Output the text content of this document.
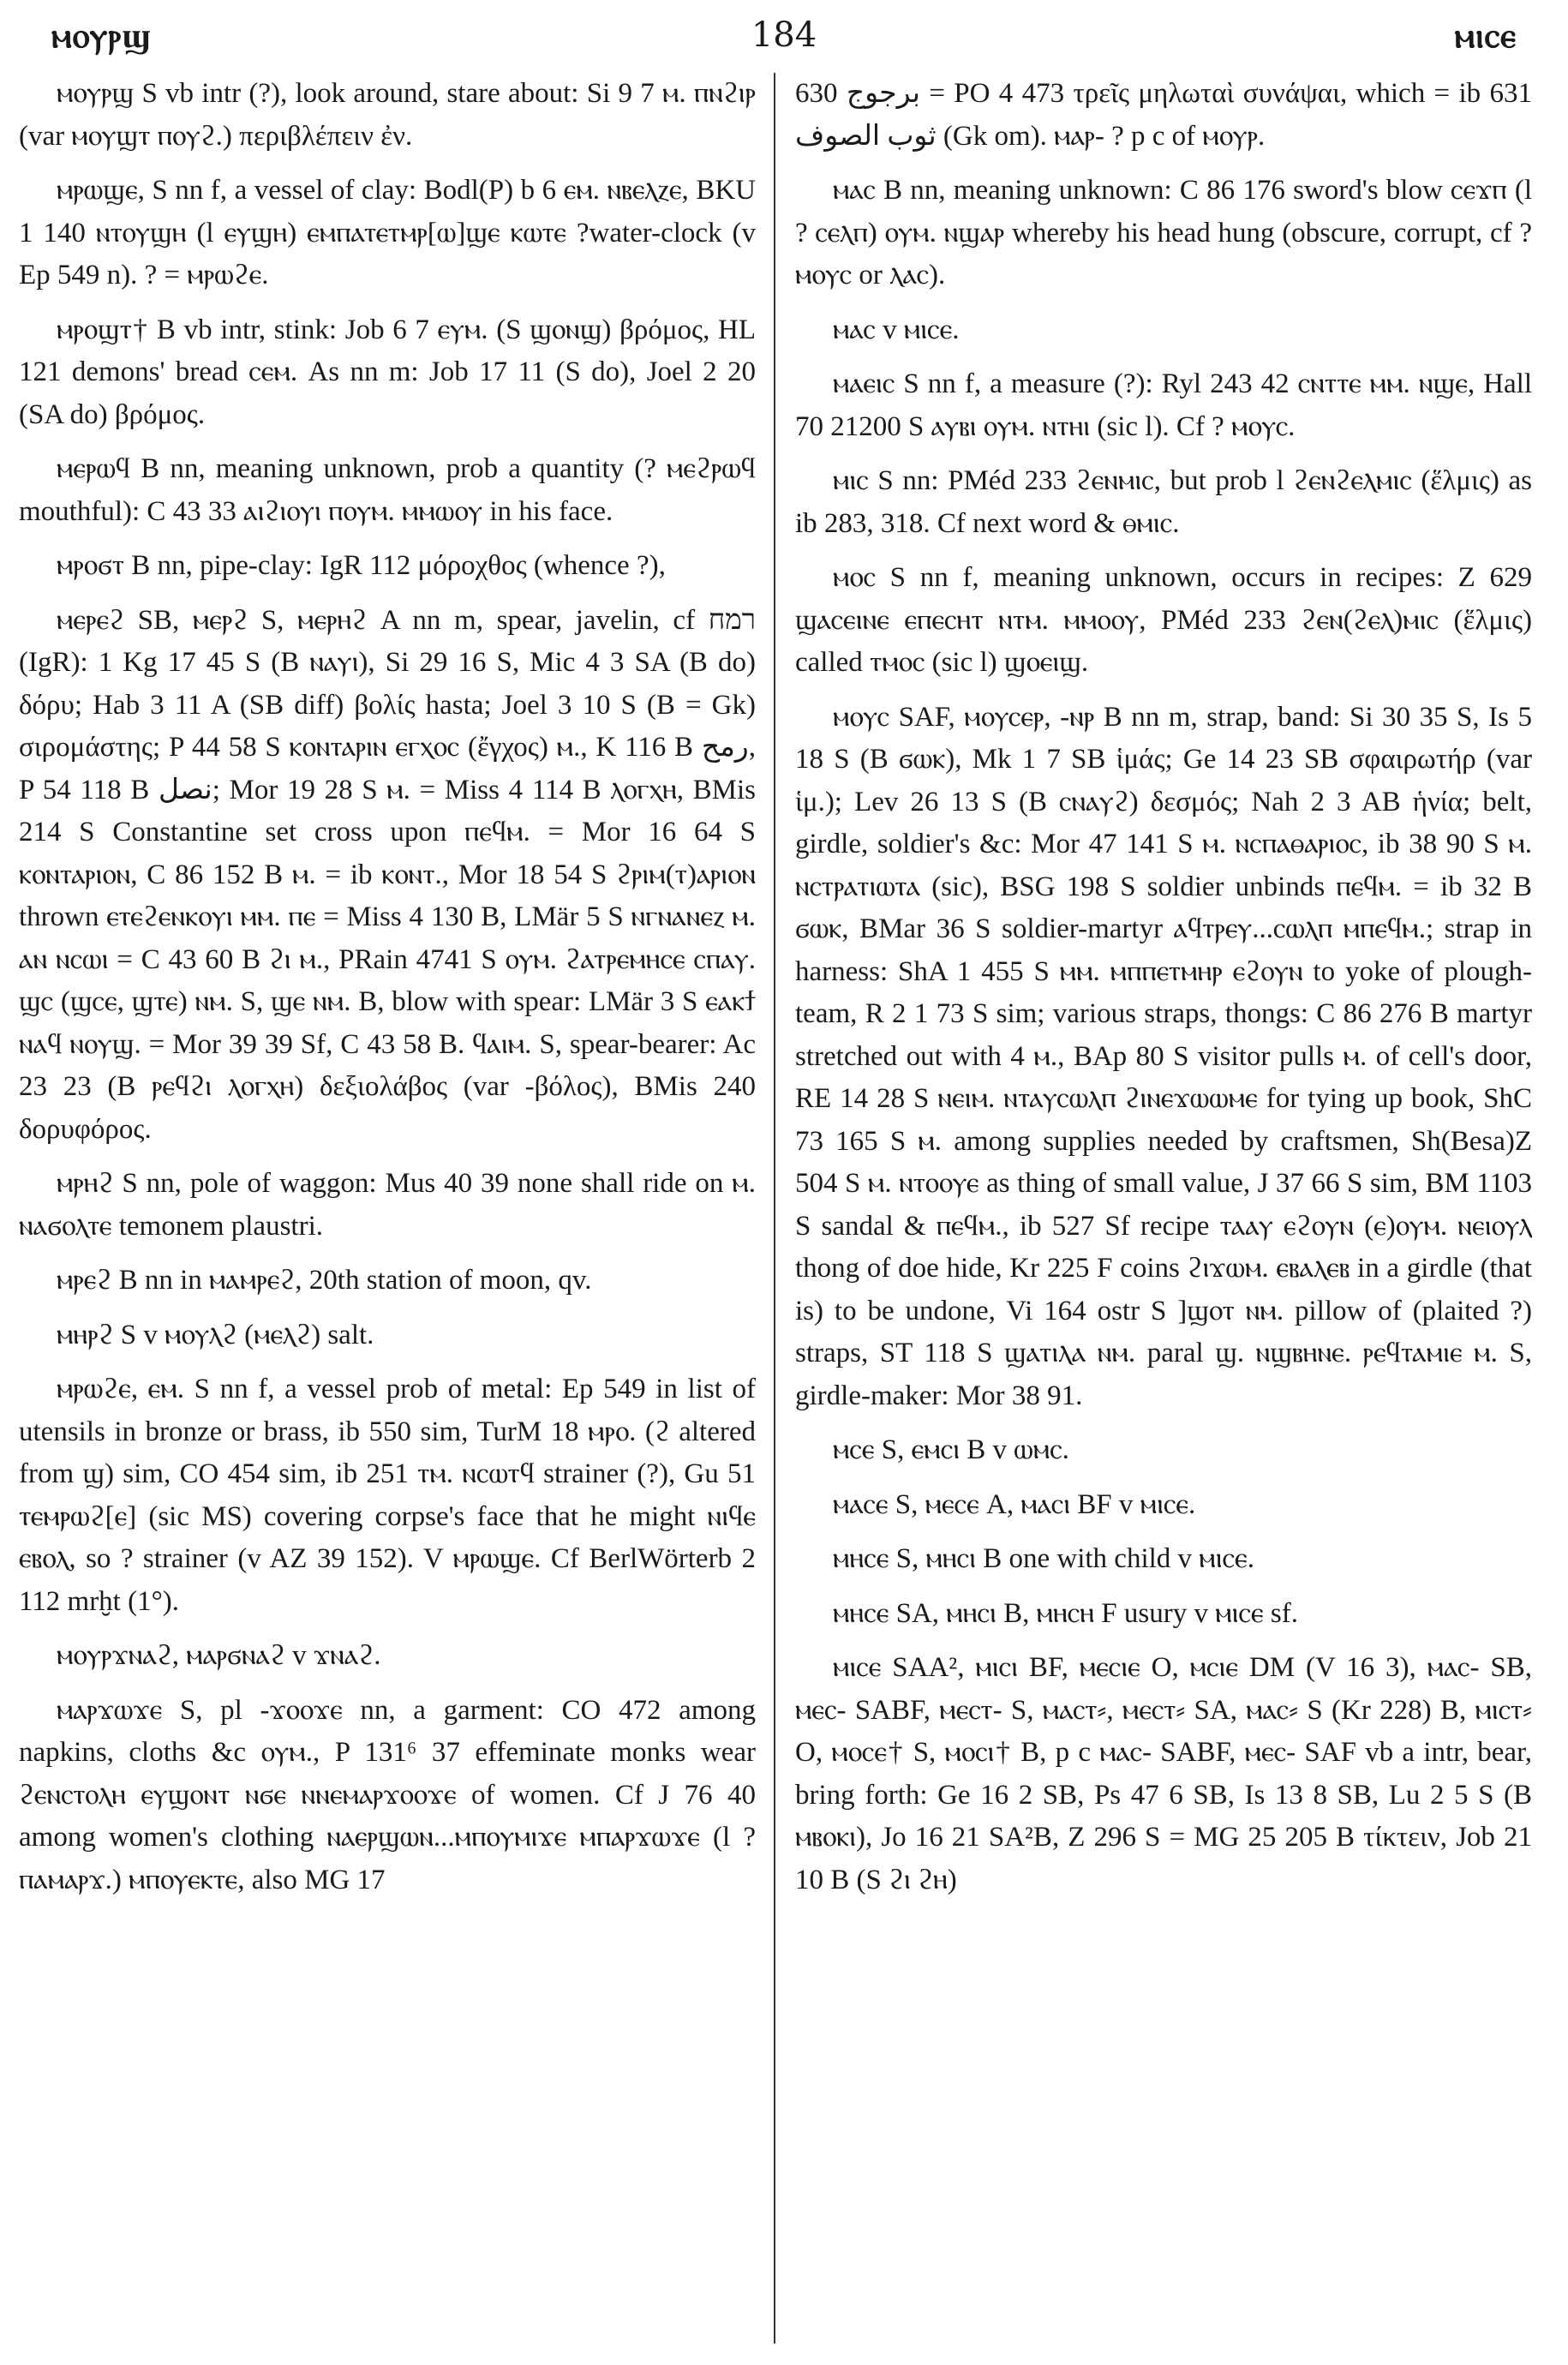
ⲙⲟⲩⲣϣ	184	ⲙⲓⲥⲉ

ⲙⲟⲩⲣϣ S vb intr (?), look around, stare about: Si 9 7 ⲙ. ⲡⲛϩⲓⲣ (var ⲙⲟⲩϣⲧ ⲡⲟⲩϩ.) περιβλέπειν ἐν.

ⲙⲣⲱϣⲉ, S nn f, a vessel of clay: Bodl(P) b 6 ⲉⲙ. ⲛⲃⲉⲗⲍⲉ, BKU 1 140 ⲛⲧⲟⲩϣⲏ (l ⲉⲩϣⲏ) ⲉⲙⲡⲁⲧⲉⲧⲙⲣ[ⲱ]ϣⲉ ⲕⲱⲧⲉ ?water-clock (v Ep 549 n). ? = ⲙⲣⲱϩⲉ.

ⲙⲣⲟϣⲧ† B vb intr, stink: Job 6 7 ⲉⲩⲙ. (S ϣⲟⲛϣ) βρόμος, HL 121 demons' bread ⲥⲉⲙ. As nn m: Job 17 11 (S do), Joel 2 20 (SA do) βρόμος.

ⲙⲉⲣⲱϥ B nn, meaning unknown, prob a quantity (? ⲙⲉϩⲣⲱϥ mouthful): C 43 33 ⲁⲓϩⲓⲟⲩⲓ ⲡⲟⲩⲙ. ⲙⲙⲱⲟⲩ in his face.

ⲙⲣⲟϭⲧ B nn, pipe-clay: IgR 112 μόροχθος (whence ?),

ⲙⲉⲣⲉϩ SB, ⲙⲉⲣϩ S, ⲙⲉⲣⲏϩ A nn m, spear, javelin, cf רמח (IgR): 1 Kg 17 45 S (B ⲛⲁⲩⲓ), Si 29 16 S, Mic 4 3 SA (B do) δόρυ; Hab 3 11 A (SB diff) βολίς hasta; Joel 3 10 S (B = Gk) σιρομάστης; P 44 58 S ⲕⲟⲛⲧⲁⲣⲓⲛ ⲉⲅⲭⲟⲥ (ἔγχος) ⲙ., K 116 B رمح, P 54 118 B نصل; Mor 19 28 S ⲙ. = Miss 4 114 B ⲗⲟⲅⲭⲏ, BMis 214 S Constantine set cross upon ⲡⲉϥⲙ. = Mor 16 64 S ⲕⲟⲛⲧⲁⲣⲓⲟⲛ, C 86 152 B ⲙ. = ib ⲕⲟⲛⲧ., Mor 18 54 S ϩⲣⲓⲙ(ⲧ)ⲁⲣⲓⲟⲛ thrown ⲉⲧⲉϩⲉⲛⲕⲟⲩⲓ ⲙⲙ. ⲡⲉ = Miss 4 130 B, LMär 5 S ⲛⲅⲛⲁⲛⲉⲍ ⲙ. ⲁⲛ ⲛⲥⲱⲓ = C 43 60 B ϩⲓ ⲙ., PRain 4741 S ⲟⲩⲙ. ϩⲁⲧⲣⲉⲙⲏⲥⲉ ⲥⲡⲁⲩ. ϣⲥ (ϣⲥⲉ, ϣⲧⲉ) ⲛⲙ. S, ϣⲉ ⲛⲙ. B, blow with spear: LMär 3 S ⲉⲁⲕϯ ⲛⲁϥ ⲛⲟⲩϣ. = Mor 39 39 Sf, C 43 58 B. ϥⲁⲓⲙ. S, spear-bearer: Ac 23 23 (B ⲣⲉϥϩⲓ ⲗⲟⲅⲭⲏ) δεξιολάβος (var -βόλος), BMis 240 δορυφόρος.

ⲙⲣⲏϩ S nn, pole of waggon: Mus 40 39 none shall ride on ⲙ. ⲛⲁϭⲟⲗⲧⲉ temonem plaustri.

ⲙⲣⲉϩ B nn in ⲙⲁⲙⲣⲉϩ, 20th station of moon, qv.

ⲙⲏⲣϩ S v ⲙⲟⲩⲗϩ (ⲙⲉⲗϩ) salt.

ⲙⲣⲱϩⲉ, ⲉⲙ. S nn f, a vessel prob of metal: Ep 549 in list of utensils in bronze or brass, ib 550 sim, TurM 18 ⲙⲣⲟ. (ϩ altered from ϣ) sim, CO 454 sim, ib 251 ⲧⲙ. ⲛⲥⲱⲧϥ strainer (?), Gu 51 ⲧⲉⲙⲣⲱϩ[ⲉ] (sic MS) covering corpse's face that he might ⲛⲓϥⲉ ⲉⲃⲟⲗ, so ? strainer (v AZ 39 152). V ⲙⲣⲱϣⲉ. Cf BerlWörterb 2 112 mrḫt (1°).

ⲙⲟⲩⲣϫⲛⲁϩ, ⲙⲁⲣϭⲛⲁϩ v ϫⲛⲁϩ.

ⲙⲁⲣϫⲱϫⲉ S, pl -ϫⲟⲟϫⲉ nn, a garment: CO 472 among napkins, cloths &c ⲟⲩⲙ., P 131⁶ 37 effeminate monks wear ϩⲉⲛⲥⲧⲟⲗⲏ ⲉⲩϣⲟⲛⲧ ⲛϭⲉ ⲛⲛⲉⲙⲁⲣϫⲟⲟϫⲉ of women. Cf J 76 40 among women's clothing ⲛⲁⲉⲣϣⲱⲛ...ⲙⲡⲟⲩⲙⲓϫⲉ ⲙⲡⲁⲣϫⲱϫⲉ (l ? ⲡⲁⲙⲁⲣϫ.) ⲙⲡⲟⲩⲉⲕⲧⲉ, also MG 17

630 برجوج = PO 4 473 τρεῖς μηλωταὶ συνάψαι, which = ib 631 ثوب الصوف (Gk om). ⲙⲁⲣ- ? p c of ⲙⲟⲩⲣ.

ⲙⲁⲥ B nn, meaning unknown: C 86 176 sword's blow ⲥⲉϫⲡ (l ? ⲥⲉⲗⲡ) ⲟⲩⲙ. ⲛϣⲁⲣ whereby his head hung (obscure, corrupt, cf ? ⲙⲟⲩⲥ or ⲗⲁⲥ).

ⲙⲁⲥ v ⲙⲓⲥⲉ.

ⲙⲁⲉⲓⲥ S nn f, a measure (?): Ryl 243 42 ⲥⲛⲧⲧⲉ ⲙⲙ. ⲛϣⲉ, Hall 70 21200 S ⲁⲩⲃⲓ ⲟⲩⲙ. ⲛⲧⲏⲓ (sic l). Cf ? ⲙⲟⲩⲥ.

ⲙⲓⲥ S nn: PMéd 233 ϩⲉⲛⲙⲓⲥ, but prob l ϩⲉⲛϩⲉⲗⲙⲓⲥ (ἕλμις) as ib 283, 318. Cf next word & ⲑⲙⲓⲥ.

ⲙⲟⲥ S nn f, meaning unknown, occurs in recipes: Z 629 ϣⲁⲥⲉⲓⲛⲉ ⲉⲡⲉⲥⲏⲧ ⲛⲧⲙ. ⲙⲙⲟⲟⲩ, PMéd 233 ϩⲉⲛ(ϩⲉⲗ)ⲙⲓⲥ (ἕλμις) called ⲧⲙⲟⲥ (sic l) ϣⲟⲉⲓϣ.

ⲙⲟⲩⲥ SAF, ⲙⲟⲩⲥⲉⲣ, -ⲛⲣ B nn m, strap, band: Si 30 35 S, Is 5 18 S (B ϭⲱⲕ), Mk 1 7 SB ἱμάς; Ge 14 23 SB σφαιρωτήρ (var ἱμ.); Lev 26 13 S (B ⲥⲛⲁⲩϩ) δεσμός; Nah 2 3 AB ἡνία; belt, girdle, soldier's &c: Mor 47 141 S ⲙ. ⲛⲥⲡⲁⲑⲁⲣⲓⲟⲥ, ib 38 90 S ⲙ. ⲛⲥⲧⲣⲁⲧⲓⲱⲧⲁ (sic), BSG 198 S soldier unbinds ⲡⲉϥⲙ. = ib 32 B ϭⲱⲕ, BMar 36 S soldier-martyr ⲁϥⲧⲣⲉⲩ...ⲥⲱⲗⲡ ⲙⲡⲉϥⲙ.; strap in harness: ShA 1 455 S ⲙⲙ. ⲙⲡⲡⲉⲧⲙⲏⲣ ⲉϩⲟⲩⲛ to yoke of plough-team, R 2 1 73 S sim; various straps, thongs: C 86 276 B martyr stretched out with 4 ⲙ., BAp 80 S visitor pulls ⲙ. of cell's door, RE 14 28 S ⲛⲉⲓⲙ. ⲛⲧⲁⲩⲥⲱⲗⲡ ϩⲓⲛⲉϫⲱⲱⲙⲉ for tying up book, ShC 73 165 S ⲙ. among supplies needed by craftsmen, Sh(Besa)Z 504 S ⲙ. ⲛⲧⲟⲟⲩⲉ as thing of small value, J 37 66 S sim, BM 1103 S sandal & ⲡⲉϥⲙ., ib 527 Sf recipe ⲧⲁⲁⲩ ⲉϩⲟⲩⲛ (ⲉ)ⲟⲩⲙ. ⲛⲉⲓⲟⲩⲗ thong of doe hide, Kr 225 F coins ϩⲓϫⲱⲙ. ⲉⲃⲁⲗⲉⲃ in a girdle (that is) to be undone, Vi 164 ostr S ]ϣⲟⲧ ⲛⲙ. pillow of (plaited ?) straps, ST 118 S ϣⲁⲧⲓⲗⲁ ⲛⲙ. paral ϣ. ⲛϣⲃⲏⲛⲉ. ⲣⲉϥⲧⲁⲙⲓⲉ ⲙ. S, girdle-maker: Mor 38 91.

ⲙⲥⲉ S, ⲉⲙⲥⲓ B v ⲱⲙⲥ.

ⲙⲁⲥⲉ S, ⲙⲉⲥⲉ A, ⲙⲁⲥⲓ BF v ⲙⲓⲥⲉ.

ⲙⲏⲥⲉ S, ⲙⲏⲥⲓ B one with child v ⲙⲓⲥⲉ.

ⲙⲏⲥⲉ SA, ⲙⲏⲥⲓ B, ⲙⲏⲥⲏ F usury v ⲙⲓⲥⲉ sf.

ⲙⲓⲥⲉ SAA², ⲙⲓⲥⲓ BF, ⲙⲉⲥⲓⲉ O, ⲙⲥⲓⲉ DM (V 16 3), ⲙⲁⲥ- SB, ⲙⲉⲥ- SABF, ⲙⲉⲥⲧ- S, ⲙⲁⲥⲧ⸗, ⲙⲉⲥⲧ⸗ SA, ⲙⲁⲥ⸗ S (Kr 228) B, ⲙⲓⲥⲧ⸗ O, ⲙⲟⲥⲉ† S, ⲙⲟⲥⲓ† B, p c ⲙⲁⲥ- SABF, ⲙⲉⲥ- SAF vb a intr, bear, bring forth: Ge 16 2 SB, Ps 47 6 SB, Is 13 8 SB, Lu 2 5 S (B ⲙⲃⲟⲕⲓ), Jo 16 21 SA²B, Z 296 S = MG 25 205 B τίκτειν, Job 21 10 B (S ϩⲓ ϩⲏ)
